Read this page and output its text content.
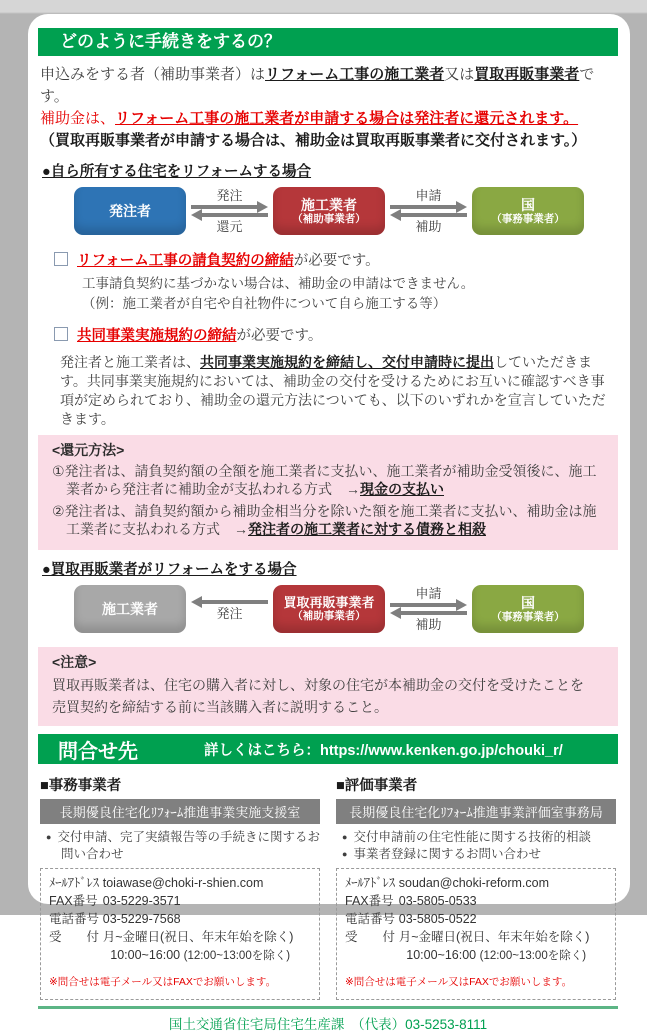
どのように手続きをするの？
申込みをする者（補助事業者）はリフォーム工事の施工業者又は買取再販事業者です。
補助金は、リフォーム工事の施工業者が申請する場合は発注者に還元されます。
（買取再販事業者が申請する場合は、補助金は買取再販事業者に交付されます。）
●自ら所有する住宅をリフォームする場合
発注者
発注
還元
施工業者
（補助事業者）
申請
補助
国
（事務事業者）
リフォーム工事の請負契約の締結が必要です。
工事請負契約に基づかない場合は、補助金の申請はできません。
（例：施工業者が自宅や自社物件について自ら施工する等）
共同事業実施規約の締結が必要です。
発注者と施工業者は、共同事業実施規約を締結し、交付申請時に提出していただきます。共同事業実施規約においては、補助金の交付を受けるためにお互いに確認すべき事項が定められており、補助金の還元方法についても、以下のいずれかを宣言していただきます。
<還元方法>
①発注者は、請負契約額の全額を施工業者に支払い、施工業者が補助金受領後に、施工業者から発注者に補助金が支払われる方式　→現金の支払い
②発注者は、請負契約額から補助金相当分を除いた額を施工業者に支払い、補助金は施工業者に支払われる方式　→発注者の施工業者に対する債務と相殺
●買取再販業者がリフォームをする場合
施工業者	発注
買取再販事業者
（補助事業者）
申請
補助
国
（事務事業者）
<注意>
買取再販業者は、住宅の購入者に対し、対象の住宅が本補助金の交付を受けたことを
売買契約を締結する前に当該購入者に説明すること。
問合せ先	詳しくはこちら：https://www.kenken.go.jp/chouki_r/
■事務事業者
長期優良住宅化ﾘﾌｫｰﾑ推進事業実施支援室
● 交付申請、完了実績報告等の手続きに関するお問い合わせ
ﾒｰﾙｱﾄﾞﾚｽ toiawase@choki-r-shien.com
FAX番号 03-5229-3571
電話番号 03-5229-7568
受　　付 月~金曜日(祝日、年末年始を除く)
10:00~16:00 (12:00~13:00を除く)
※問合せは電子メール又はFAXでお願いします。
■評価事業者
長期優良住宅化ﾘﾌｫｰﾑ推進事業評価室事務局
● 交付申請前の住宅性能に関する技術的相談
● 事業者登録に関するお問い合わせ
ﾒｰﾙｱﾄﾞﾚｽ soudan@choki-reform.com
FAX番号 03-5805-0533
電話番号 03-5805-0522
受　　付 月~金曜日(祝日、年末年始を除く)
10:00~16:00 (12:00~13:00を除く)
※問合せは電子メール又はFAXでお願いします。
国土交通省住宅局住宅生産課　（代表）03-5253-8111
